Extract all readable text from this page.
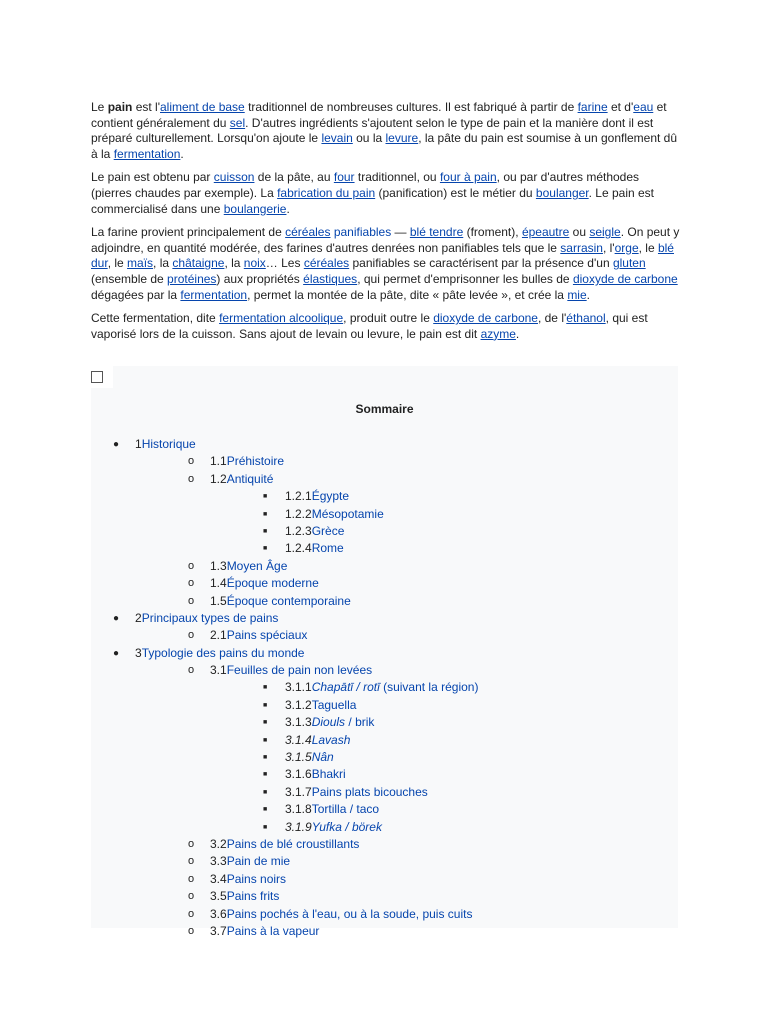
Le pain est l'aliment de base traditionnel de nombreuses cultures. Il est fabriqué à partir de farine et d'eau et contient généralement du sel. D'autres ingrédients s'ajoutent selon le type de pain et la manière dont il est préparé culturellement. Lorsqu'on ajoute le levain ou la levure, la pâte du pain est soumise à un gonflement dû à la fermentation.

Le pain est obtenu par cuisson de la pâte, au four traditionnel, ou four à pain, ou par d'autres méthodes (pierres chaudes par exemple). La fabrication du pain (panification) est le métier du boulanger. Le pain est commercialisé dans une boulangerie.

La farine provient principalement de céréales panifiables — blé tendre (froment), épeautre ou seigle. On peut y adjoindre, en quantité modérée, des farines d'autres denrées non panifiables tels que le sarrasin, l'orge, le blé dur, le maïs, la châtaigne, la noix… Les céréales panifiables se caractérisent par la présence d'un gluten (ensemble de protéines) aux propriétés élastiques, qui permet d'emprisonner les bulles de dioxyde de carbone dégagées par la fermentation, permet la montée de la pâte, dite « pâte levée », et crée la mie.

Cette fermentation, dite fermentation alcoolique, produit outre le dioxyde de carbone, de l'éthanol, qui est vaporisé lors de la cuisson. Sans ajout de levain ou levure, le pain est dit azyme.

Sommaire
● 1Historique
o 1.1Préhistoire
o 1.2Antiquité
■ 1.2.1Égypte
■ 1.2.2Mésopotamie
■ 1.2.3Grèce
■ 1.2.4Rome
o 1.3Moyen Âge
o 1.4Époque moderne
o 1.5Époque contemporaine
● 2Principaux types de pains
o 2.1Pains spéciaux
● 3Typologie des pains du monde
o 3.1Feuilles de pain non levées
■ 3.1.1Chapātī / rotī (suivant la région)
■ 3.1.2Taguella
■ 3.1.3Diouls / brik
■ 3.1.4Lavash
■ 3.1.5Nân
■ 3.1.6Bhakri
■ 3.1.7Pains plats bicouches
■ 3.1.8Tortilla / taco
■ 3.1.9Yufka / börek
o 3.2Pains de blé croustillants
o 3.3Pain de mie
o 3.4Pains noirs
o 3.5Pains frits
o 3.6Pains pochés à l'eau, ou à la soude, puis cuits
o 3.7Pains à la vapeur
